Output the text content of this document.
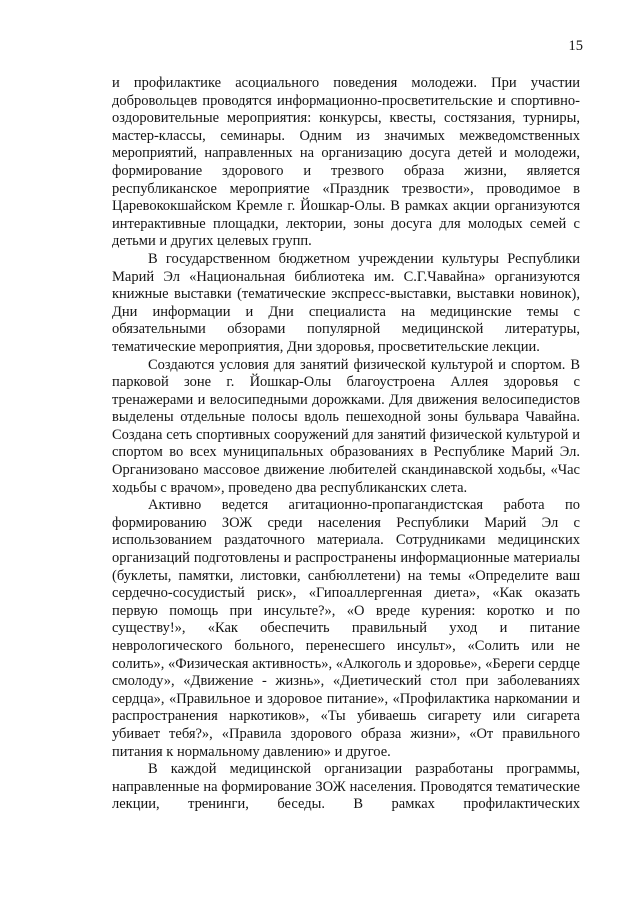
15

и профилактике асоциального поведения молодежи. При участии добровольцев проводятся информационно-просветительские и спортивно-оздоровительные мероприятия: конкурсы, квесты, состязания, турниры, мастер-классы, семинары. Одним из значимых межведомственных мероприятий, направленных на организацию досуга детей и молодежи, формирование здорового и трезвого образа жизни, является республиканское мероприятие «Праздник трезвости», проводимое в Царевококшайском Кремле г. Йошкар-Олы. В рамках акции организуются интерактивные площадки, лектории, зоны досуга для молодых семей с детьми и других целевых групп.

В государственном бюджетном учреждении культуры Республики Марий Эл «Национальная библиотека им. С.Г.Чавайна» организуются книжные выставки (тематические экспресс-выставки, выставки новинок), Дни информации и Дни специалиста на медицинские темы с обязательными обзорами популярной медицинской литературы, тематические мероприятия, Дни здоровья, просветительские лекции.

Создаются условия для занятий физической культурой и спортом. В парковой зоне г. Йошкар-Олы благоустроена Аллея здоровья с тренажерами и велосипедными дорожками. Для движения велосипедистов выделены отдельные полосы вдоль пешеходной зоны бульвара Чавайна. Создана сеть спортивных сооружений для занятий физической культурой и спортом во всех муниципальных образованиях в Республике Марий Эл. Организовано массовое движение любителей скандинавской ходьбы, «Час ходьбы с врачом», проведено два республиканских слета.

Активно ведется агитационно-пропагандистская работа по формированию ЗОЖ среди населения Республики Марий Эл с использованием раздаточного материала. Сотрудниками медицинских организаций подготовлены и распространены информационные материалы (буклеты, памятки, листовки, санбюллетени) на темы «Определите ваш сердечно-сосудистый риск», «Гипоаллергенная диета», «Как оказать первую помощь при инсульте?», «О вреде курения: коротко и по существу!», «Как обеспечить правильный уход и питание неврологического больного, перенесшего инсульт», «Солить или не солить», «Физическая активность», «Алкоголь и здоровье», «Береги сердце смолоду», «Движение - жизнь», «Диетический стол при заболеваниях сердца», «Правильное и здоровое питание», «Профилактика наркомании и распространения наркотиков», «Ты убиваешь сигарету или сигарета убивает тебя?», «Правила здорового образа жизни», «От правильного питания к нормальному давлению» и другое.

В каждой медицинской организации разработаны программы, направленные на формирование ЗОЖ населения. Проводятся тематические лекции, тренинги, беседы. В рамках профилактических
